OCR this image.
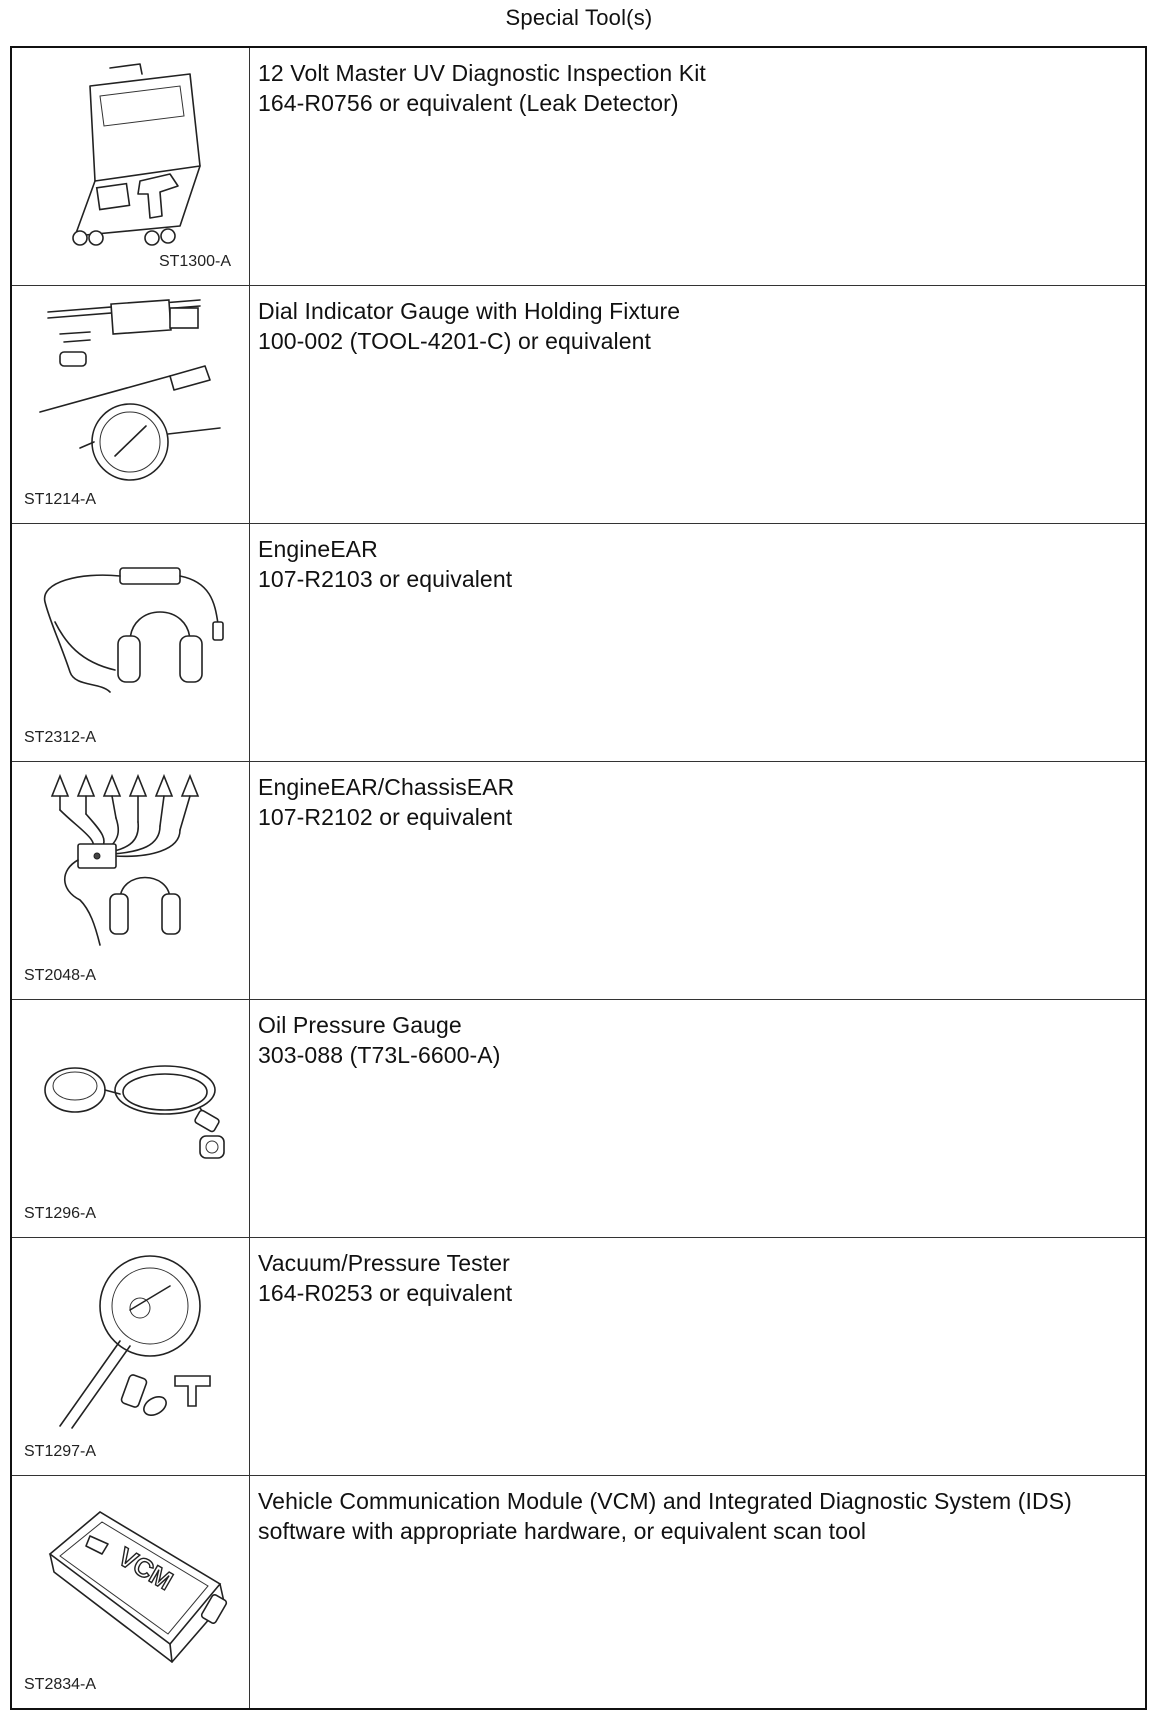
Special Tool(s)
ST1300-A
12 Volt Master UV Diagnostic Inspection Kit
164-R0756 or equivalent (Leak Detector)
ST1214-A
Dial Indicator Gauge with Holding Fixture
100-002 (TOOL-4201-C) or equivalent
ST2312-A
EngineEAR
107-R2103 or equivalent
ST2048-A
EngineEAR/ChassisEAR
107-R2102 or equivalent
ST1296-A
Oil Pressure Gauge
303-088 (T73L-6600-A)
ST1297-A
Vacuum/Pressure Tester
164-R0253 or equivalent
VCM
ST2834-A
Vehicle Communication Module (VCM) and Integrated Diagnostic System (IDS)
software with appropriate hardware, or equivalent scan tool
